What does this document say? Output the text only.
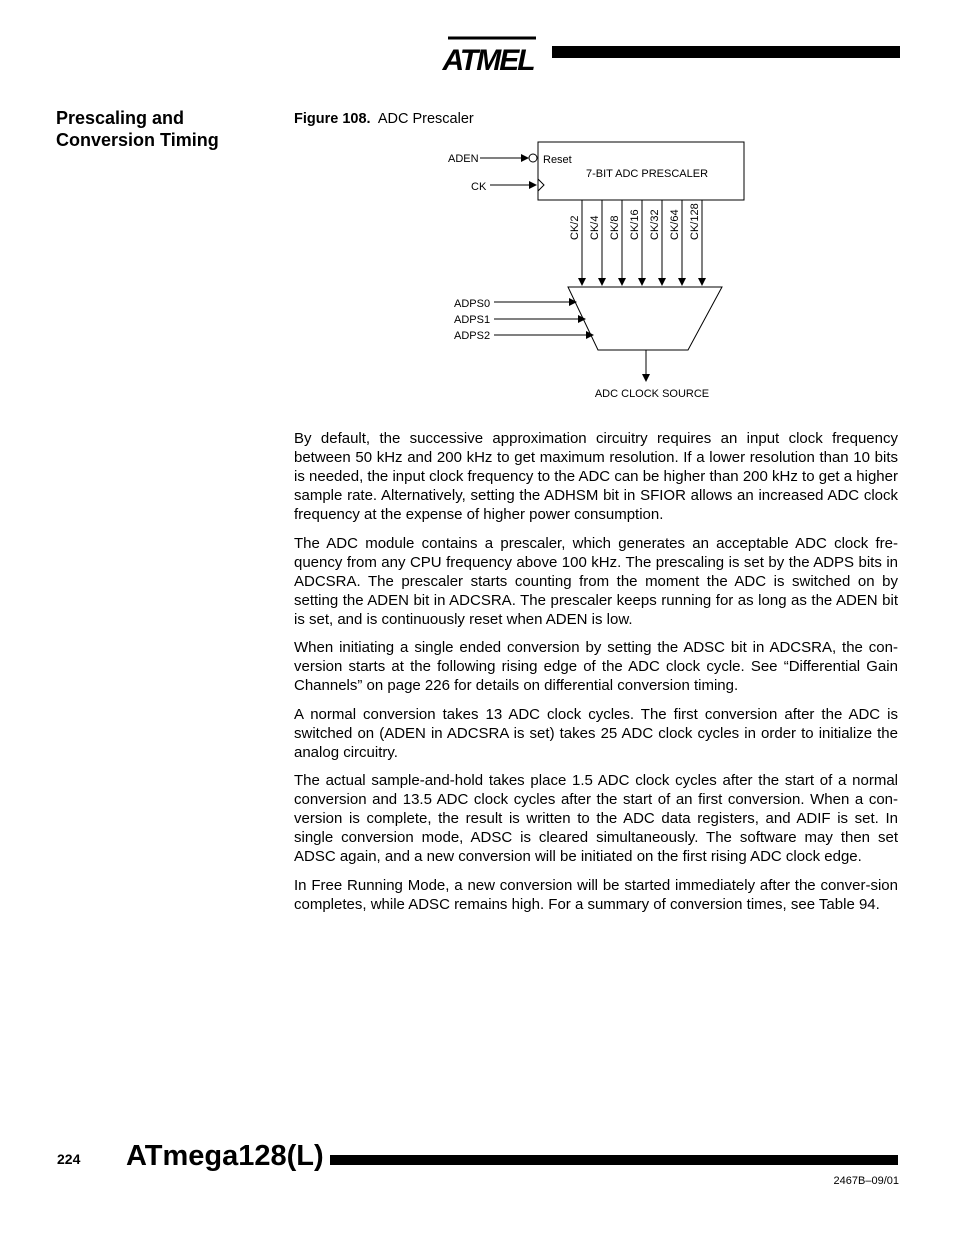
ATMEL
Prescaling and
Conversion Timing
Figure 108. ADC Prescaler
7-BIT ADC PRESCALER
Reset
ADEN
CK
CK/2 CK/4 CK/8 CK/16 CK/32 CK/64 CK/128
ADPS0
ADPS1
ADPS2
ADC CLOCK SOURCE

By default, the successive approximation circuitry requires an input clock frequency between 50 kHz and 200 kHz to get maximum resolution. If a lower resolution than 10 bits is needed, the input clock frequency to the ADC can be higher than 200 kHz to get a higher sample rate. Alternatively, setting the ADHSM bit in SFIOR allows an increased ADC clock frequency at the expense of higher power consumption.

The ADC module contains a prescaler, which generates an acceptable ADC clock fre-quency from any CPU frequency above 100 kHz. The prescaling is set by the ADPS bits in ADCSRA. The prescaler starts counting from the moment the ADC is switched on by setting the ADEN bit in ADCSRA. The prescaler keeps running for as long as the ADEN bit is set, and is continuously reset when ADEN is low.

When initiating a single ended conversion by setting the ADSC bit in ADCSRA, the con-version starts at the following rising edge of the ADC clock cycle. See “Differential Gain Channels” on page 226 for details on differential conversion timing.

A normal conversion takes 13 ADC clock cycles. The first conversion after the ADC is switched on (ADEN in ADCSRA is set) takes 25 ADC clock cycles in order to initialize the analog circuitry.

The actual sample-and-hold takes place 1.5 ADC clock cycles after the start of a normal conversion and 13.5 ADC clock cycles after the start of an first conversion. When a con-version is complete, the result is written to the ADC data registers, and ADIF is set. In single conversion mode, ADSC is cleared simultaneously. The software may then set ADSC again, and a new conversion will be initiated on the first rising ADC clock edge.

In Free Running Mode, a new conversion will be started immediately after the conver-sion completes, while ADSC remains high. For a summary of conversion times, see Table 94.

224 ATmega128(L)
2467B–09/01
